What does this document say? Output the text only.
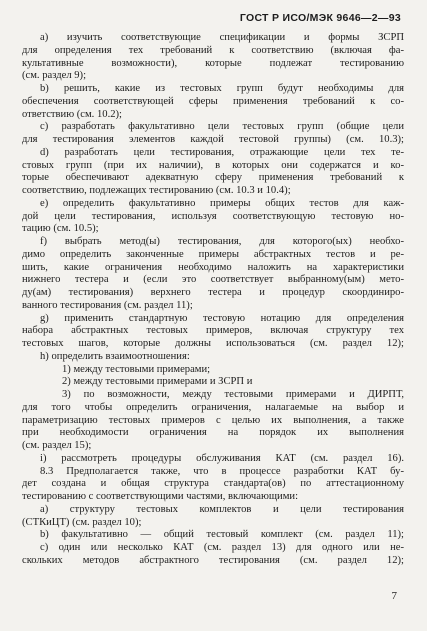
ГОСТ Р ИСО/МЭК 9646—2—93
а) изучить соответствующие спецификации и формы ЗСРП
для определения тех требований к соответствию (включая фа-
культативные возможности), которые подлежат тестированию
(см. раздел 9);
b) решить, какие из тестовых групп будут необходимы для
обеспечения соответствующей сферы применения требований к со-
ответствию (см. 10.2);
c) разработать факультативно цели тестовых групп (общие цели
для тестирования элементов каждой тестовой группы) (см. 10.3);
d) разработать цели тестирования, отражающие цели тех те-
стовых групп (при их наличии), в которых они содержатся и ко-
торые обеспечивают адекватную сферу применения требований к
соответствию, подлежащих тестированию (см. 10.3 и 10.4);
e) определить факультативно примеры общих тестов для каж-
дой цели тестирования, используя соответствующую тестовую но-
тацию (см. 10.5);
f) выбрать метод(ы) тестирования, для которого(ых) необхо-
димо определить законченные примеры абстрактных тестов и ре-
шить, какие ограничения необходимо наложить на характеристики
нижнего тестера и (если это соответствует выбранному(ым) мето-
ду(ам) тестирования) верхнего тестера и процедур скоординиро-
ванного тестирования (см. раздел 11);
g) применить стандартную тестовую нотацию для определения
набора абстрактных тестовых примеров, включая структуру тех
тестовых шагов, которые должны использоваться (см. раздел 12);
h) определить взаимоотношения:
1) между тестовыми примерами;
2) между тестовыми примерами и ЗСРП и
3) по возможности, между тестовыми примерами и ДИРПТ,
для того чтобы определить ограничения, налагаемые на выбор и
параметризацию тестовых примеров с целью их выполнения, а также
при необходимости ограничения на порядок их выполнения
(см. раздел 15);
i) рассмотреть процедуры обслуживания КАТ (см. раздел 16).
8.3 Предполагается также, что в процессе разработки КАТ бу-
дет создана и общая структура стандарта(ов) по аттестационному
тестированию с соответствующими частями, включающими:
a) структуру тестовых комплектов и цели тестирования
(СТКиЦТ) (см. раздел 10);
b) факультативно — общий тестовый комплект (см. раздел 11);
c) один или несколько КАТ (см. раздел 13) для одного или не-
скольких методов абстрактного тестирования (см. раздел 12);
7
